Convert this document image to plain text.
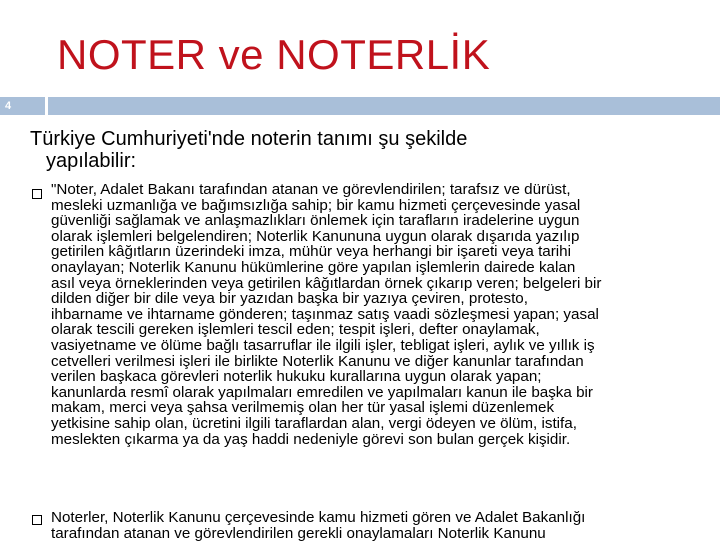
NOTER ve NOTERLİK
4
Türkiye Cumhuriyeti'nde noterin tanımı şu şekilde
yapılabilir:
"Noter, Adalet Bakanı tarafından atanan ve görevlendirilen; tarafsız ve dürüst,
mesleki uzmanlığa ve bağımsızlığa sahip; bir kamu hizmeti çerçevesinde yasal
güvenliği sağlamak ve anlaşmazlıkları önlemek için tarafların iradelerine uygun
olarak işlemleri belgelendiren; Noterlik Kanununa uygun olarak dışarıda yazılıp
getirilen kâğıtların üzerindeki imza, mühür veya herhangi bir işareti veya tarihi
onaylayan; Noterlik Kanunu hükümlerine göre yapılan işlemlerin dairede kalan
asıl veya örneklerinden veya getirilen kâğıtlardan örnek çıkarıp veren; belgeleri bir
dilden diğer bir dile veya bir yazıdan başka bir yazıya çeviren, protesto,
ihbarname ve ihtarname gönderen; taşınmaz satış vaadi sözleşmesi yapan; yasal
olarak tescili gereken işlemleri tescil eden; tespit işleri, defter onaylamak,
vasiyetname ve ölüme bağlı tasarruflar ile ilgili işler, tebligat işleri, aylık ve yıllık iş
cetvelleri verilmesi işleri ile birlikte Noterlik Kanunu ve diğer kanunlar tarafından
verilen başkaca görevleri noterlik hukuku kurallarına uygun olarak yapan;
kanunlarda resmî olarak yapılmaları emredilen ve yapılmaları kanun ile başka bir
makam, merci veya şahsa verilmemiş olan her tür yasal işlemi düzenlemek
yetkisine sahip olan, ücretini ilgili taraflardan alan, vergi ödeyen ve ölüm, istifa,
meslekten çıkarma ya da yaş haddi nedeniyle görevi son bulan gerçek kişidir.
Noterler, Noterlik Kanunu çerçevesinde kamu hizmeti gören ve Adalet Bakanlığı
tarafından atanan ve görevlendirilen gerekli onaylamaları Noterlik Kanunu
